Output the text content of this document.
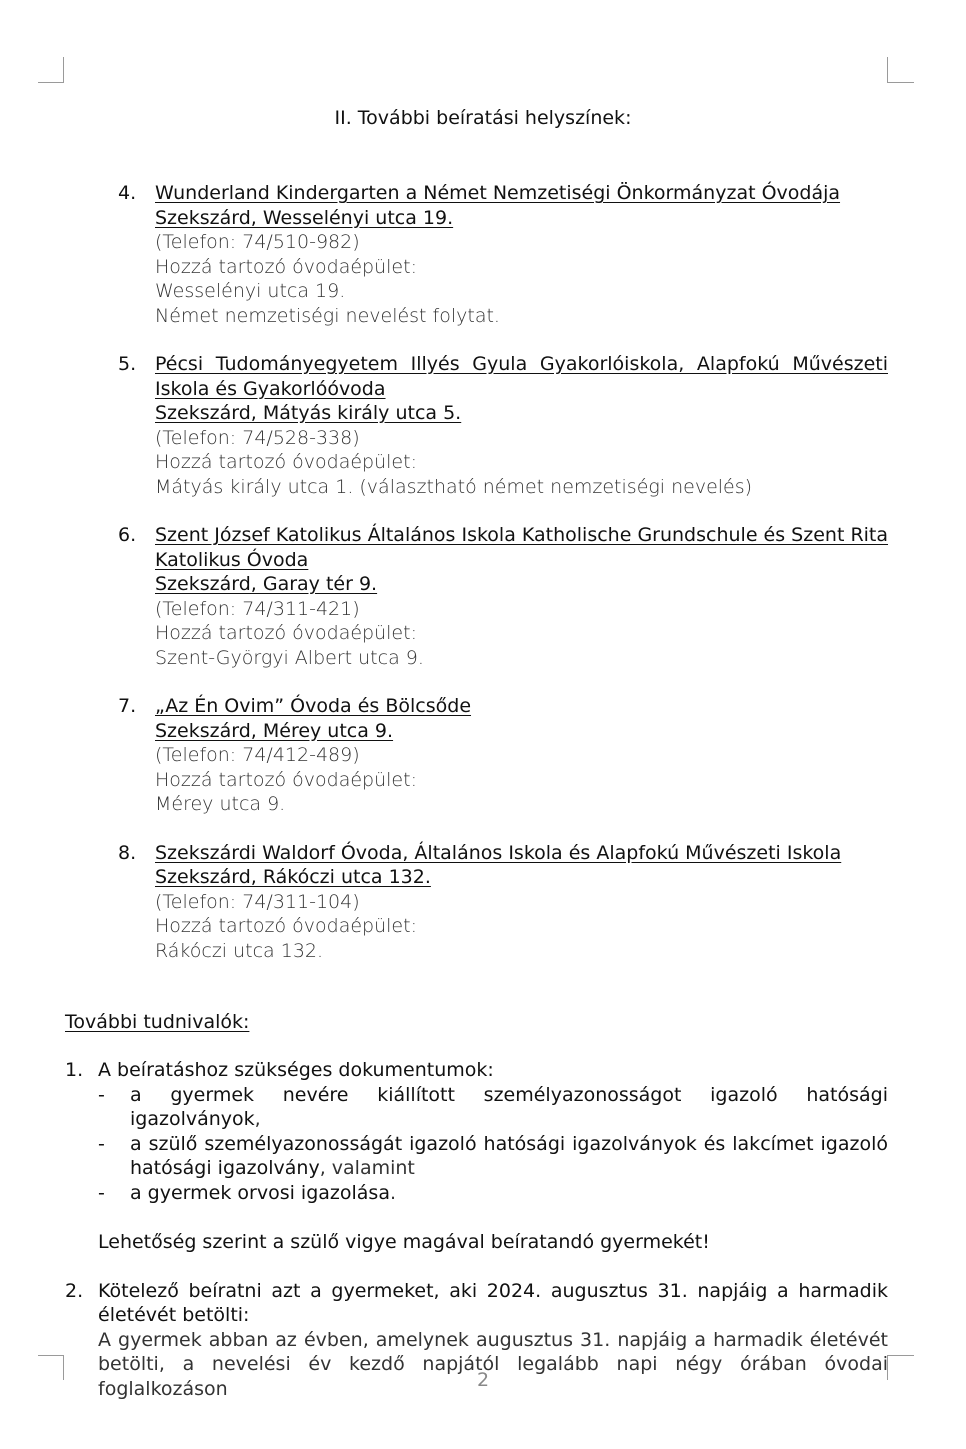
II. További beíratási helyszínek:
4. Wunderland Kindergarten a Német Nemzetiségi Önkormányzat Óvodája
Szekszárd, Wesselényi utca 19.
(Telefon: 74/510-982)
Hozzá tartozó óvodaépület:
Wesselényi utca 19.
Német nemzetiségi nevelést folytat.
5. Pécsi Tudományegyetem Illyés Gyula Gyakorlóiskola, Alapfokú Művészeti Iskola és Gyakorlóóvoda
Szekszárd, Mátyás király utca 5.
(Telefon: 74/528-338)
Hozzá tartozó óvodaépület:
Mátyás király utca 1. (választható német nemzetiségi nevelés)
6. Szent József Katolikus Általános Iskola Katholische Grundschule és Szent Rita Katolikus Óvoda
Szekszárd, Garay tér 9.
(Telefon: 74/311-421)
Hozzá tartozó óvodaépület:
Szent-Györgyi Albert utca 9.
7. „Az Én Ovim” Óvoda és Bölcsőde
Szekszárd, Mérey utca 9.
(Telefon: 74/412-489)
Hozzá tartozó óvodaépület:
Mérey utca 9.
8. Szekszárdi Waldorf Óvoda, Általános Iskola és Alapfokú Művészeti Iskola
Szekszárd, Rákóczi utca 132.
(Telefon: 74/311-104)
Hozzá tartozó óvodaépület:
Rákóczi utca 132.
További tudnivalók:
1. A beíratáshoz szükséges dokumentumok:
- a gyermek nevére kiállított személyazonosságot igazoló hatósági igazolványok,
- a szülő személyazonosságát igazoló hatósági igazolványok és lakcímet igazoló hatósági igazolvány, valamint
- a gyermek orvosi igazolása.
Lehetőség szerint a szülő vigye magával beíratandó gyermekét!
2. Kötelező beíratni azt a gyermeket, aki 2024. augusztus 31. napjáig a harmadik életévét betölti:
A gyermek abban az évben, amelynek augusztus 31. napjáig a harmadik életévét betölti, a nevelési év kezdő napjától legalább napi négy órában óvodai foglalkozáson	2
